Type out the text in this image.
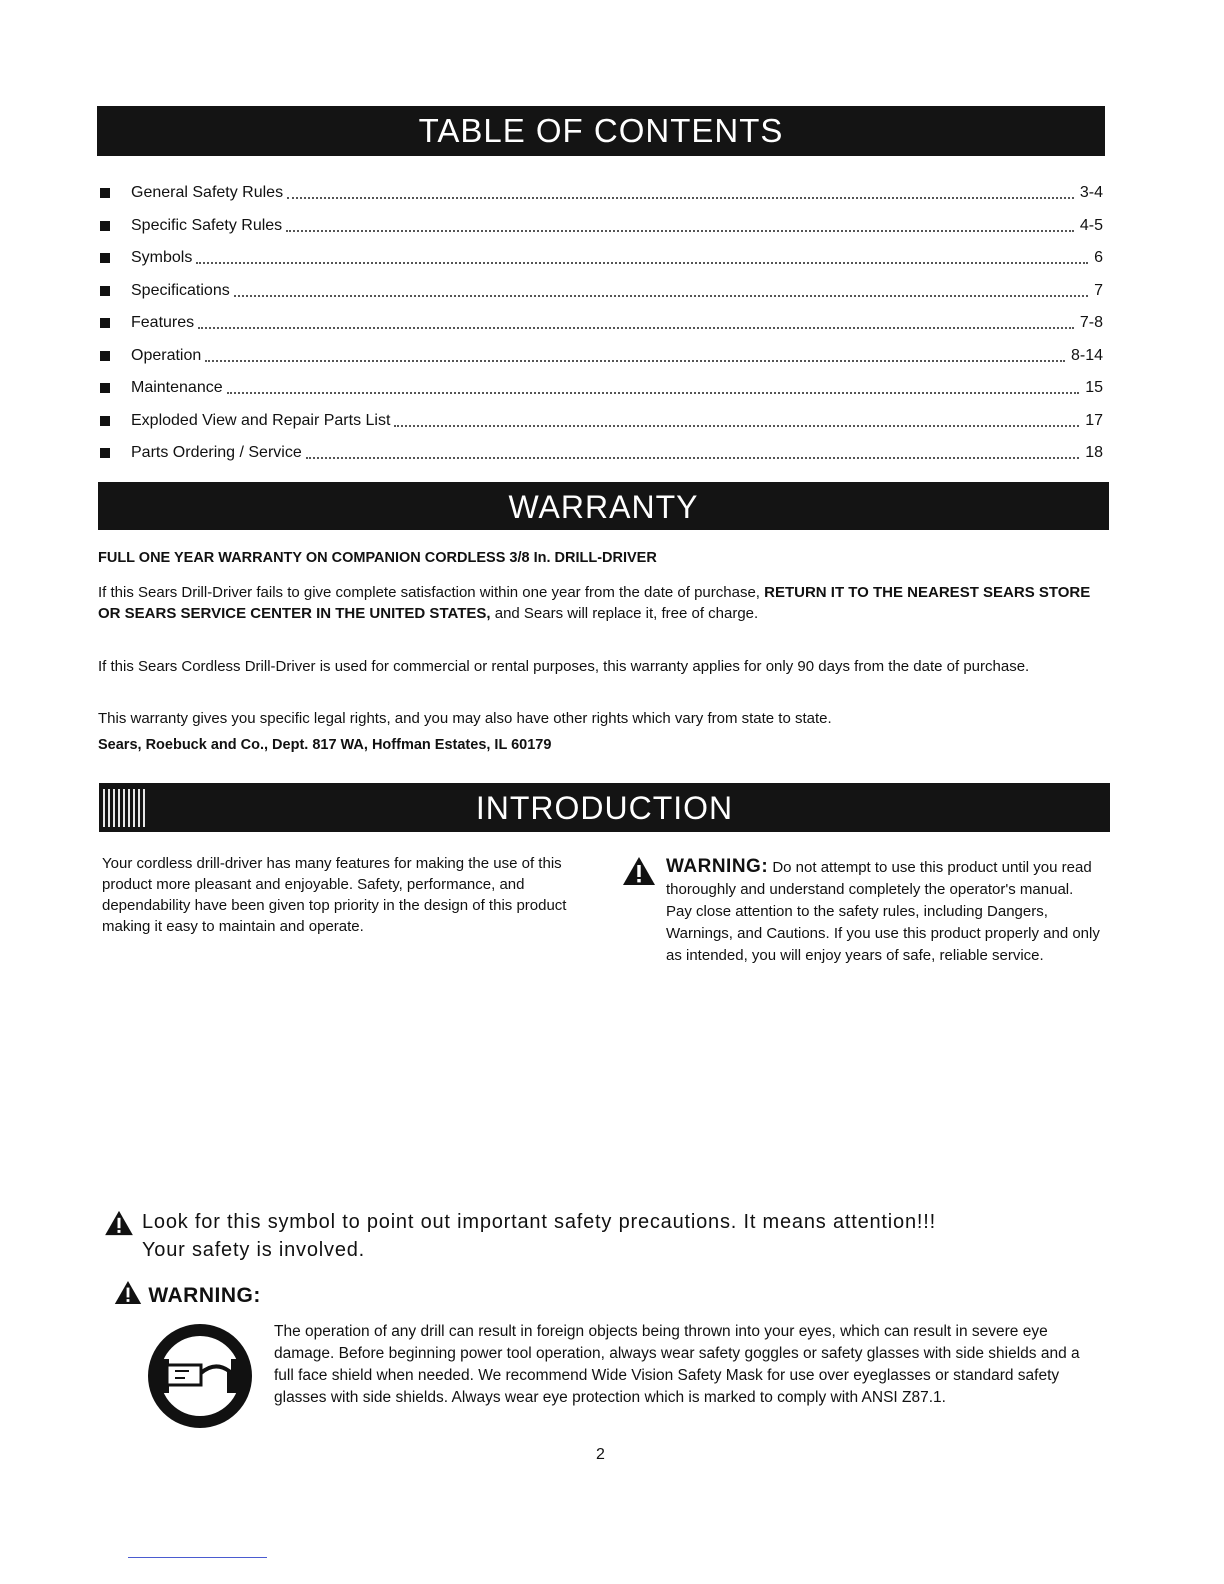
TABLE OF CONTENTS
General Safety Rules	3-4
Specific Safety Rules	4-5
Symbols	6
Specifications	7
Features	7-8
Operation	8-14
Maintenance	15
Exploded View and Repair Parts List	17
Parts Ordering / Service	18
WARRANTY
FULL ONE YEAR WARRANTY ON COMPANION CORDLESS 3/8 In. DRILL-DRIVER
If this Sears Drill-Driver fails to give complete satisfaction within one year from the date of purchase, RETURN IT TO THE NEAREST SEARS STORE OR SEARS SERVICE CENTER IN THE UNITED STATES, and Sears will replace it, free of charge.
If this Sears Cordless Drill-Driver is used for commercial or rental purposes, this warranty applies for only 90 days from the date of purchase.
This warranty gives you specific legal rights, and you may also have other rights which vary from state to state.
Sears, Roebuck and Co., Dept. 817 WA, Hoffman Estates, IL 60179
INTRODUCTION
Your cordless drill-driver has many features for making the use of this product more pleasant and enjoyable. Safety, performance, and dependability have been given top priority in the design of this product making it easy to maintain and operate.
WARNING: Do not attempt to use this product until you read thoroughly and understand completely the operator's manual. Pay close attention to the safety rules, including Dangers, Warnings, and Cautions. If you use this product properly and only as intended, you will enjoy years of safe, reliable service.
Look for this symbol to point out important safety precautions. It means attention!!! Your safety is involved.
WARNING:
The operation of any drill can result in foreign objects being thrown into your eyes, which can result in severe eye damage. Before beginning power tool operation, always wear safety goggles or safety glasses with side shields and a full face shield when needed. We recommend Wide Vision Safety Mask for use over eyeglasses or standard safety glasses with side shields. Always wear eye protection which is marked to comply with ANSI Z87.1.
2
